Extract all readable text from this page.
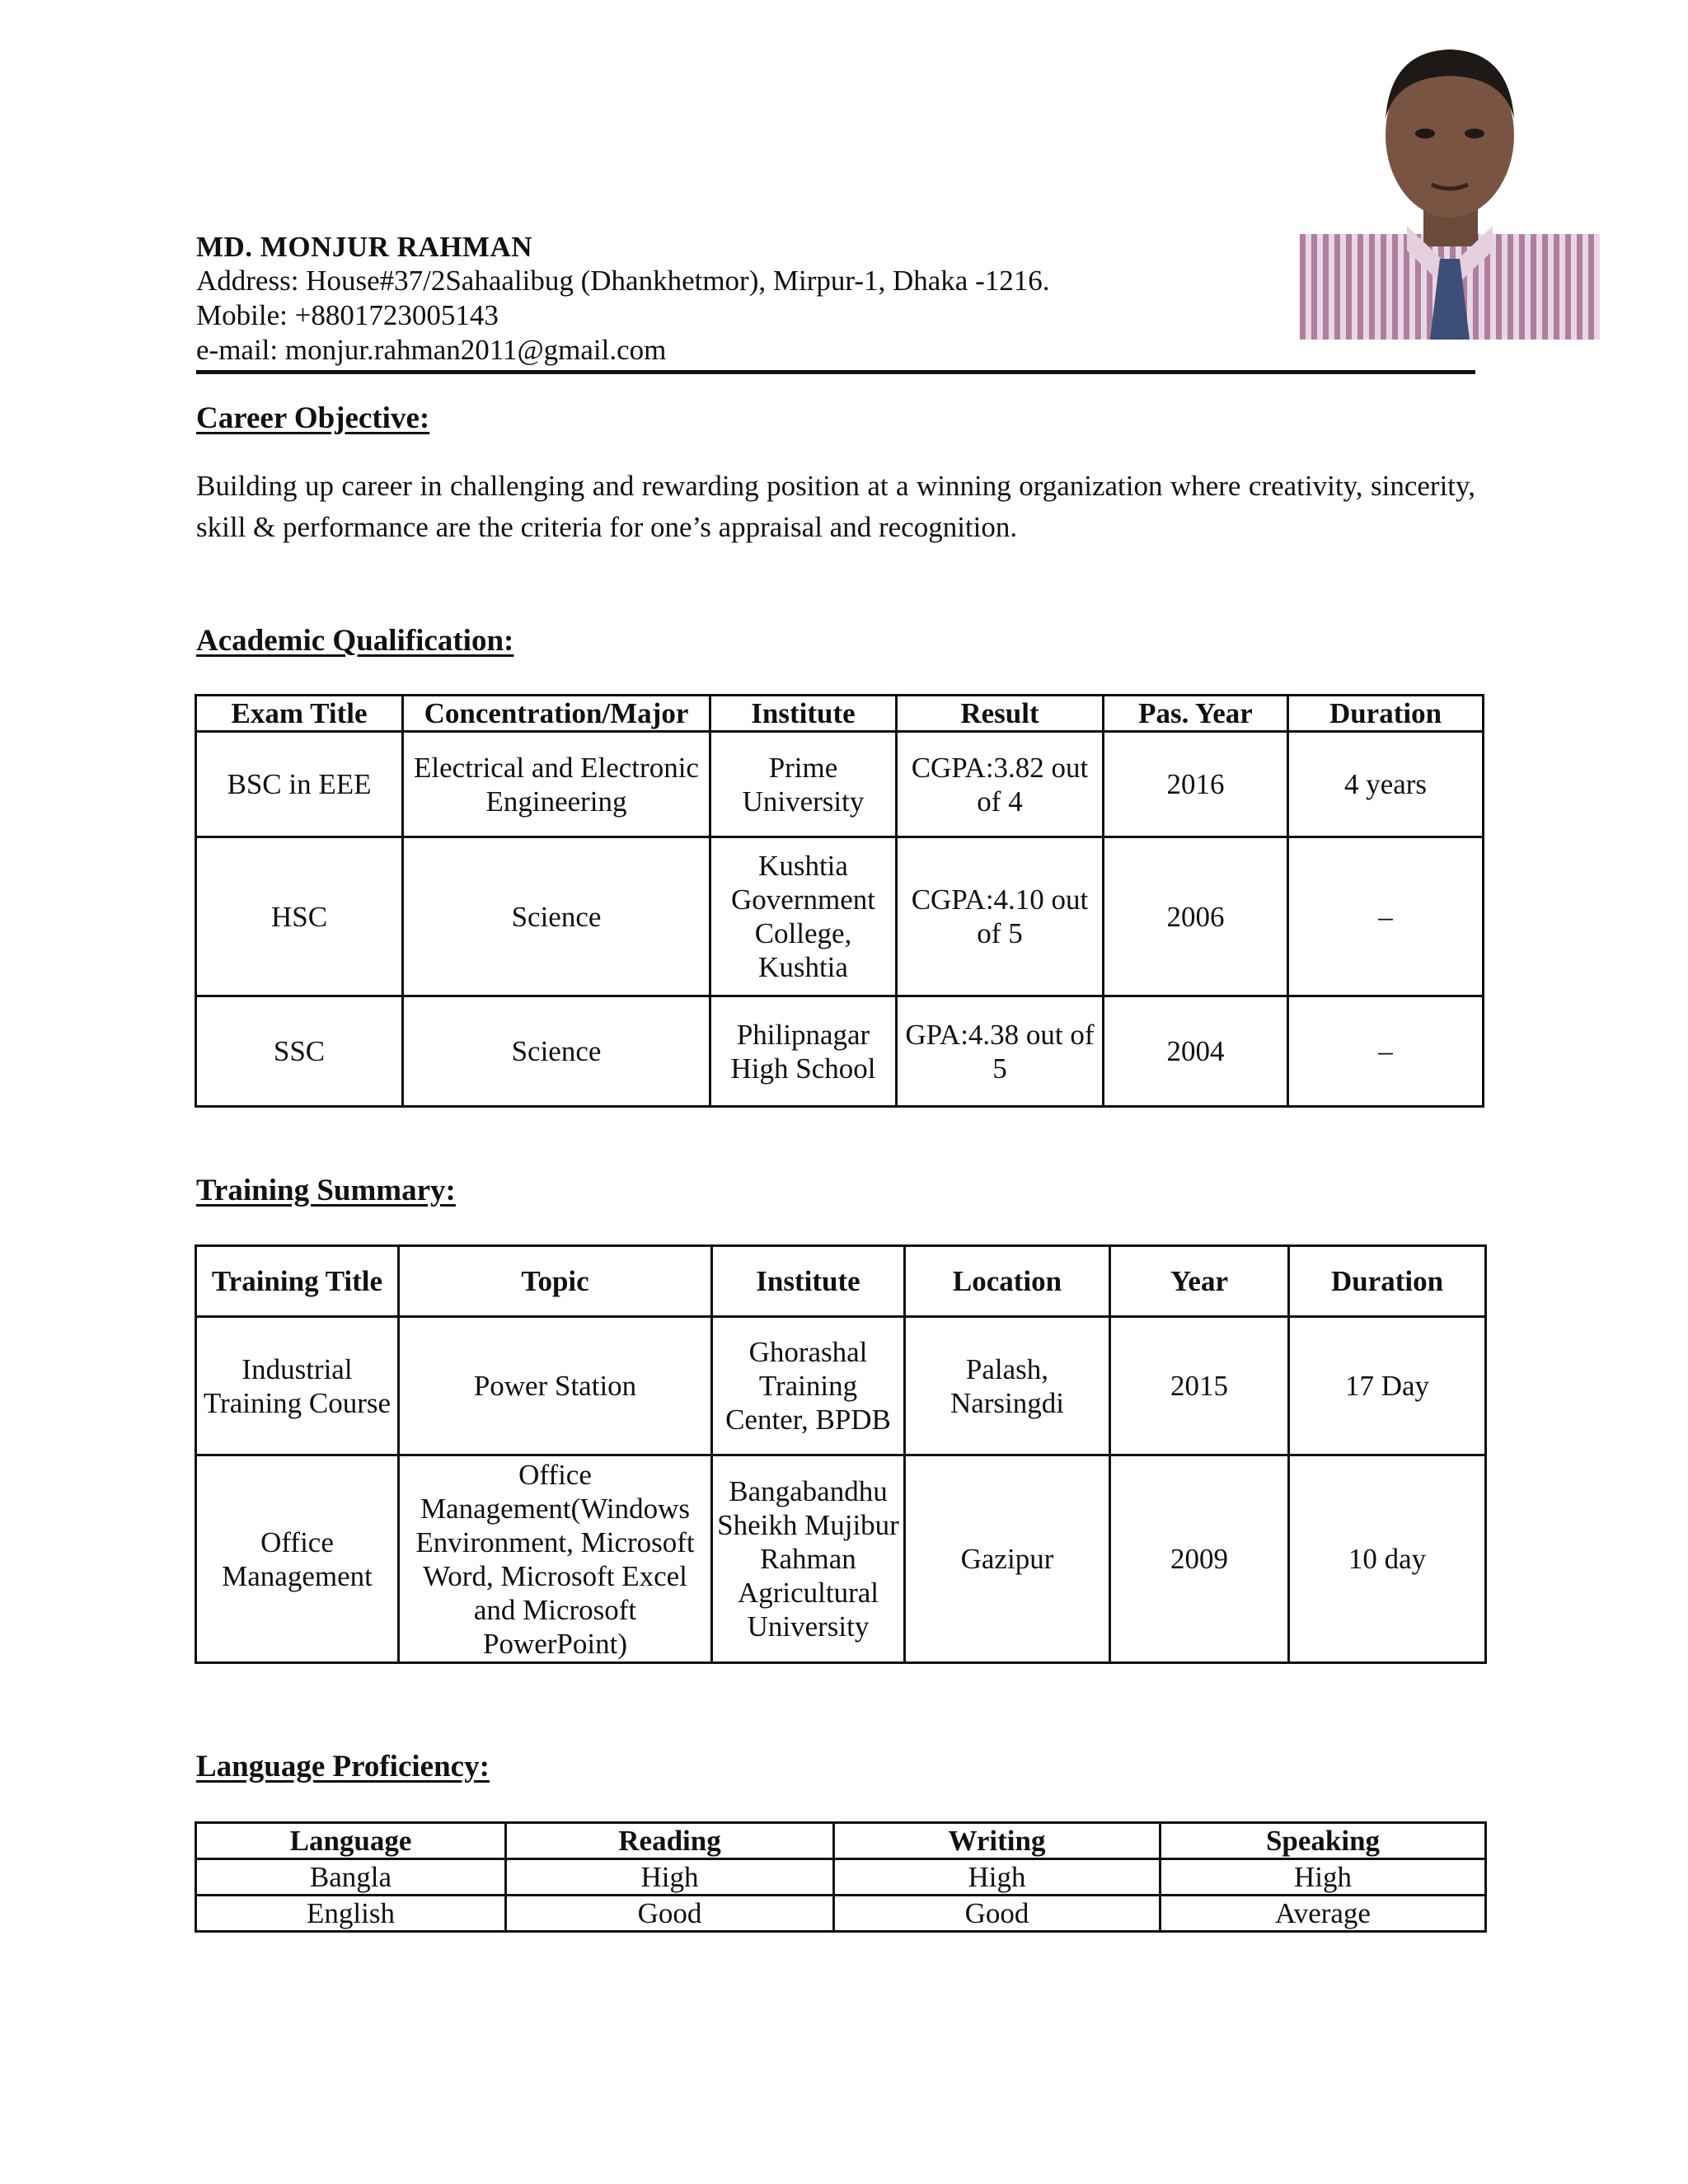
MD. MONJUR RAHMAN
Address: House#37/2Sahaalibug (Dhankhetmor), Mirpur-1, Dhaka -1216.
Mobile: +8801723005143
e-mail: monjur.rahman2011@gmail.com
Career Objective:
Building up career in challenging and rewarding position at a winning organization where creativity, sincerity, skill & performance are the criteria for one’s appraisal and recognition.
Academic Qualification:
Exam Title	Concentration/Major	Institute	Result	Pas. Year	Duration
BSC in EEE	Electrical and Electronic Engineering	Prime University	CGPA:3.82 out of 4	2016	4 years
HSC	Science	Kushtia Government College, Kushtia	CGPA:4.10 out of 5	2006	–
SSC	Science	Philipnagar High School	GPA:4.38 out of 5	2004	–
Training Summary:
Training Title	Topic	Institute	Location	Year	Duration
Industrial Training Course	Power Station	Ghorashal Training Center, BPDB	Palash, Narsingdi	2015	17 Day
Office Management	Office Management(Windows Environment, Microsoft Word, Microsoft Excel and Microsoft PowerPoint)	Bangabandhu Sheikh Mujibur Rahman Agricultural University	Gazipur	2009	10 day
Language Proficiency:
Language	Reading	Writing	Speaking
Bangla	High	High	High
English	Good	Good	Average
